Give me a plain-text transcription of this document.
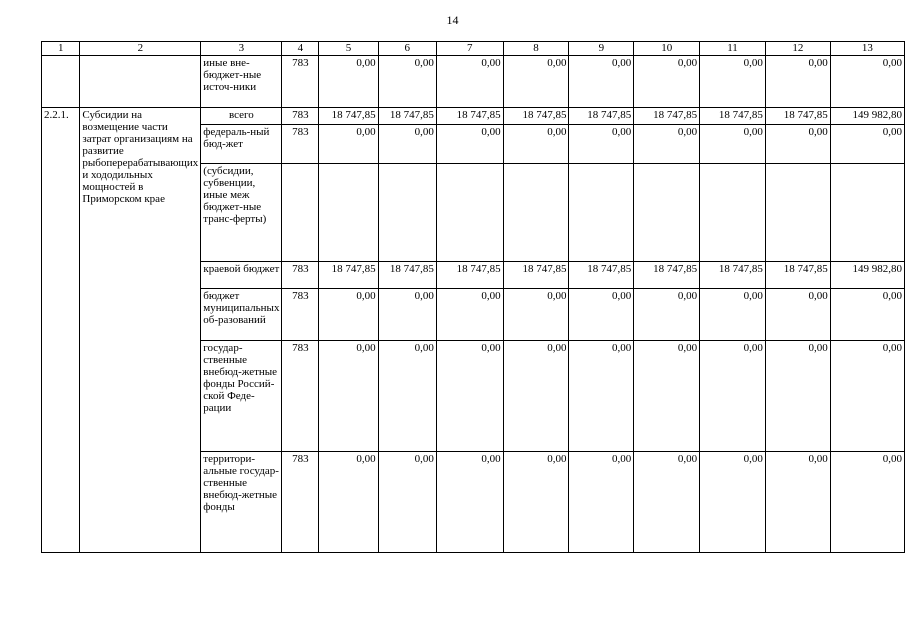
14
1	2	3	4	5	6	7	8	9	10	11	12	13
		иные вне-бюджет-ные источ-ники	783	0,00	0,00	0,00	0,00	0,00	0,00	0,00	0,00	0,00
2.2.1.	Субсидии на возмещение части затрат организациям на развитие рыбоперерабатывающих и хододильных мощностей в Приморском крае	всего	783	18 747,85	18 747,85	18 747,85	18 747,85	18 747,85	18 747,85	18 747,85	18 747,85	149 982,80
		федераль-ный бюд-жет	783	0,00	0,00	0,00	0,00	0,00	0,00	0,00	0,00	0,00
		(субсидии, субвенции, иные меж бюджет-ные транс-ферты)										
		краевой бюджет	783	18 747,85	18 747,85	18 747,85	18 747,85	18 747,85	18 747,85	18 747,85	18 747,85	149 982,80
		бюджет муниципальных об-разований	783	0,00	0,00	0,00	0,00	0,00	0,00	0,00	0,00	0,00
		государ-ственные внебюд-жетные фонды Россий-ской Феде-рации	783	0,00	0,00	0,00	0,00	0,00	0,00	0,00	0,00	0,00
		территори-альные государ-ственные внебюд-жетные фонды	783	0,00	0,00	0,00	0,00	0,00	0,00	0,00	0,00	0,00
